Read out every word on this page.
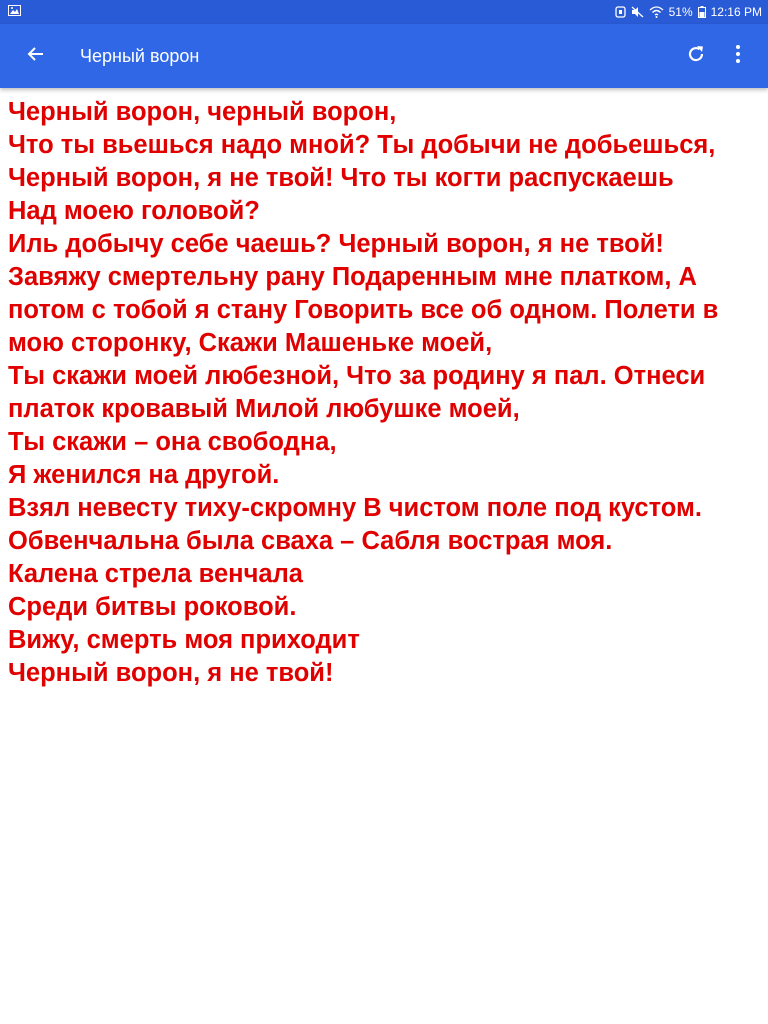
51% 12:16 PM
Черный ворон
Черный ворон, черный ворон,
Что ты вьешься надо мной? Ты добычи не добьешься,
Черный ворон, я не твой! Что ты когти распускаешь
Над моею головой?
Иль добычу себе чаешь? Черный ворон, я не твой!
Завяжу смертельну рану Подаренным мне платком, А
потом с тобой я стану Говорить все об одном. Полети в
мою сторонку, Скажи Машеньке моей,
Ты скажи моей любезной, Что за родину я пал. Отнеси
платок кровавый Милой любушке моей,
Ты скажи – она свободна,
Я женился на другой.
Взял невесту тиху-скромну В чистом поле под кустом.
Обвенчальна была сваха – Сабля вострая моя.
Калена стрела венчала
Среди битвы роковой.
Вижу, смерть моя приходит
Черный ворон, я не твой!
